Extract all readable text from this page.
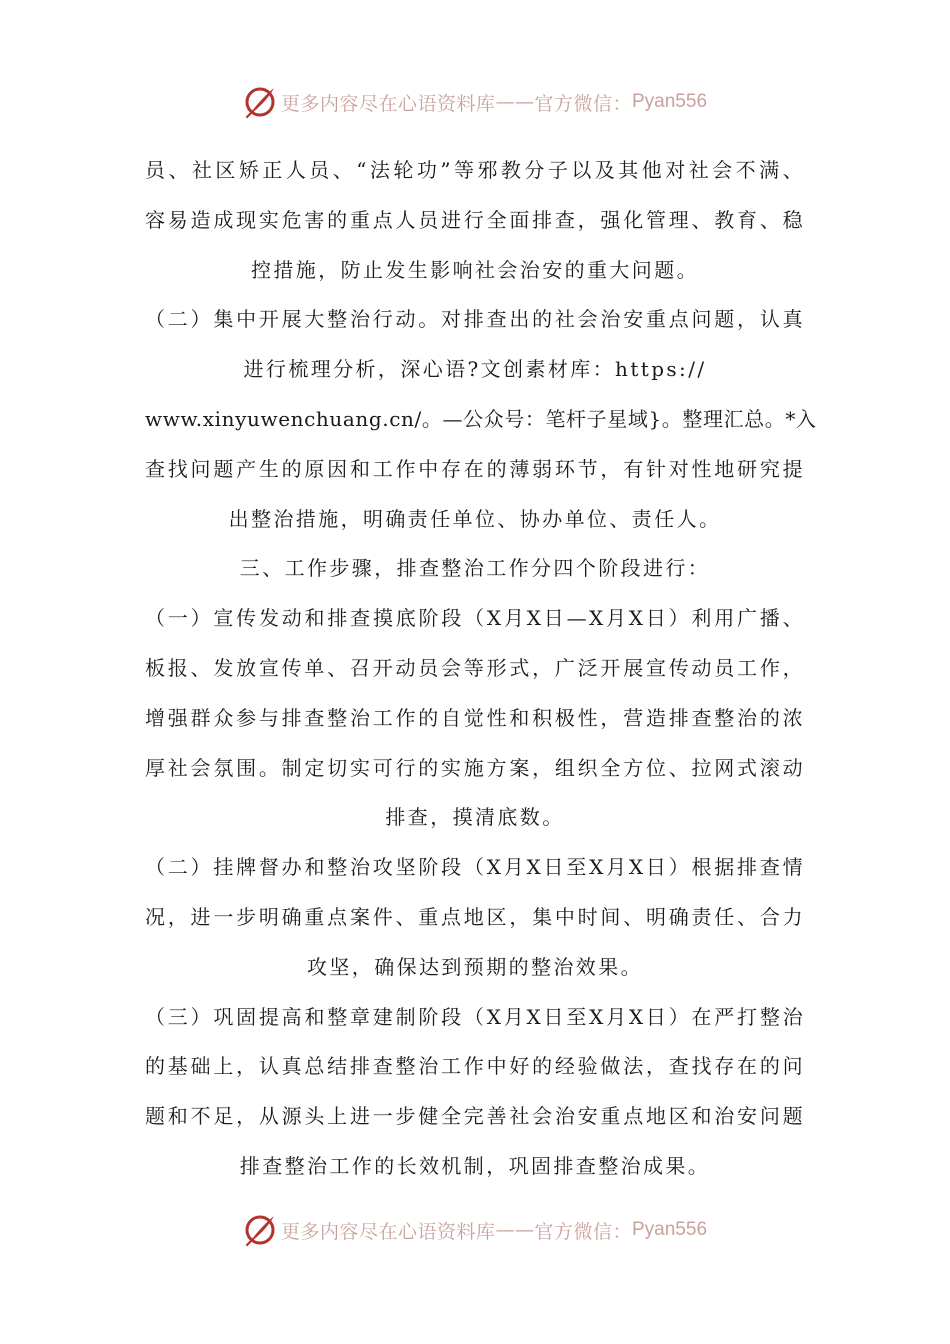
更多内容尽在心语资料库 —— 官方微信： Pyan556
员、社区矫正人员、“法轮功”等邪教分子以及其他对社会不满、
容易造成现实危害的重点人员进行全面排查，强化管理、教育、稳
控措施，防止发生影响社会治安的重大问题。
（二）集中开展大整治行动。对排查出的社会治安重点问题，认真
进行梳理分析，深心语?文创素材库：https://
www.xinyuwenchuang.cn/。—公众号：笔杆子星域}。整理汇总。*入
查找问题产生的原因和工作中存在的薄弱环节，有针对性地研究提
出整治措施，明确责任单位、协办单位、责任人。
三、工作步骤，排查整治工作分四个阶段进行：
（一）宣传发动和排查摸底阶段（X月X日—X月X日）利用广播、
板报、发放宣传单、召开动员会等形式，广泛开展宣传动员工作，
增强群众参与排查整治工作的自觉性和积极性，营造排查整治的浓
厚社会氛围。制定切实可行的实施方案，组织全方位、拉网式滚动
排查，摸清底数。
（二）挂牌督办和整治攻坚阶段（X月X日至X月X日）根据排查情
况，进一步明确重点案件、重点地区，集中时间、明确责任、合力
攻坚，确保达到预期的整治效果。
（三）巩固提高和整章建制阶段（X月X日至X月X日）在严打整治
的基础上，认真总结排查整治工作中好的经验做法，查找存在的问
题和不足，从源头上进一步健全完善社会治安重点地区和治安问题
排查整治工作的长效机制，巩固排查整治成果。
更多内容尽在心语资料库 —— 官方微信： Pyan556
